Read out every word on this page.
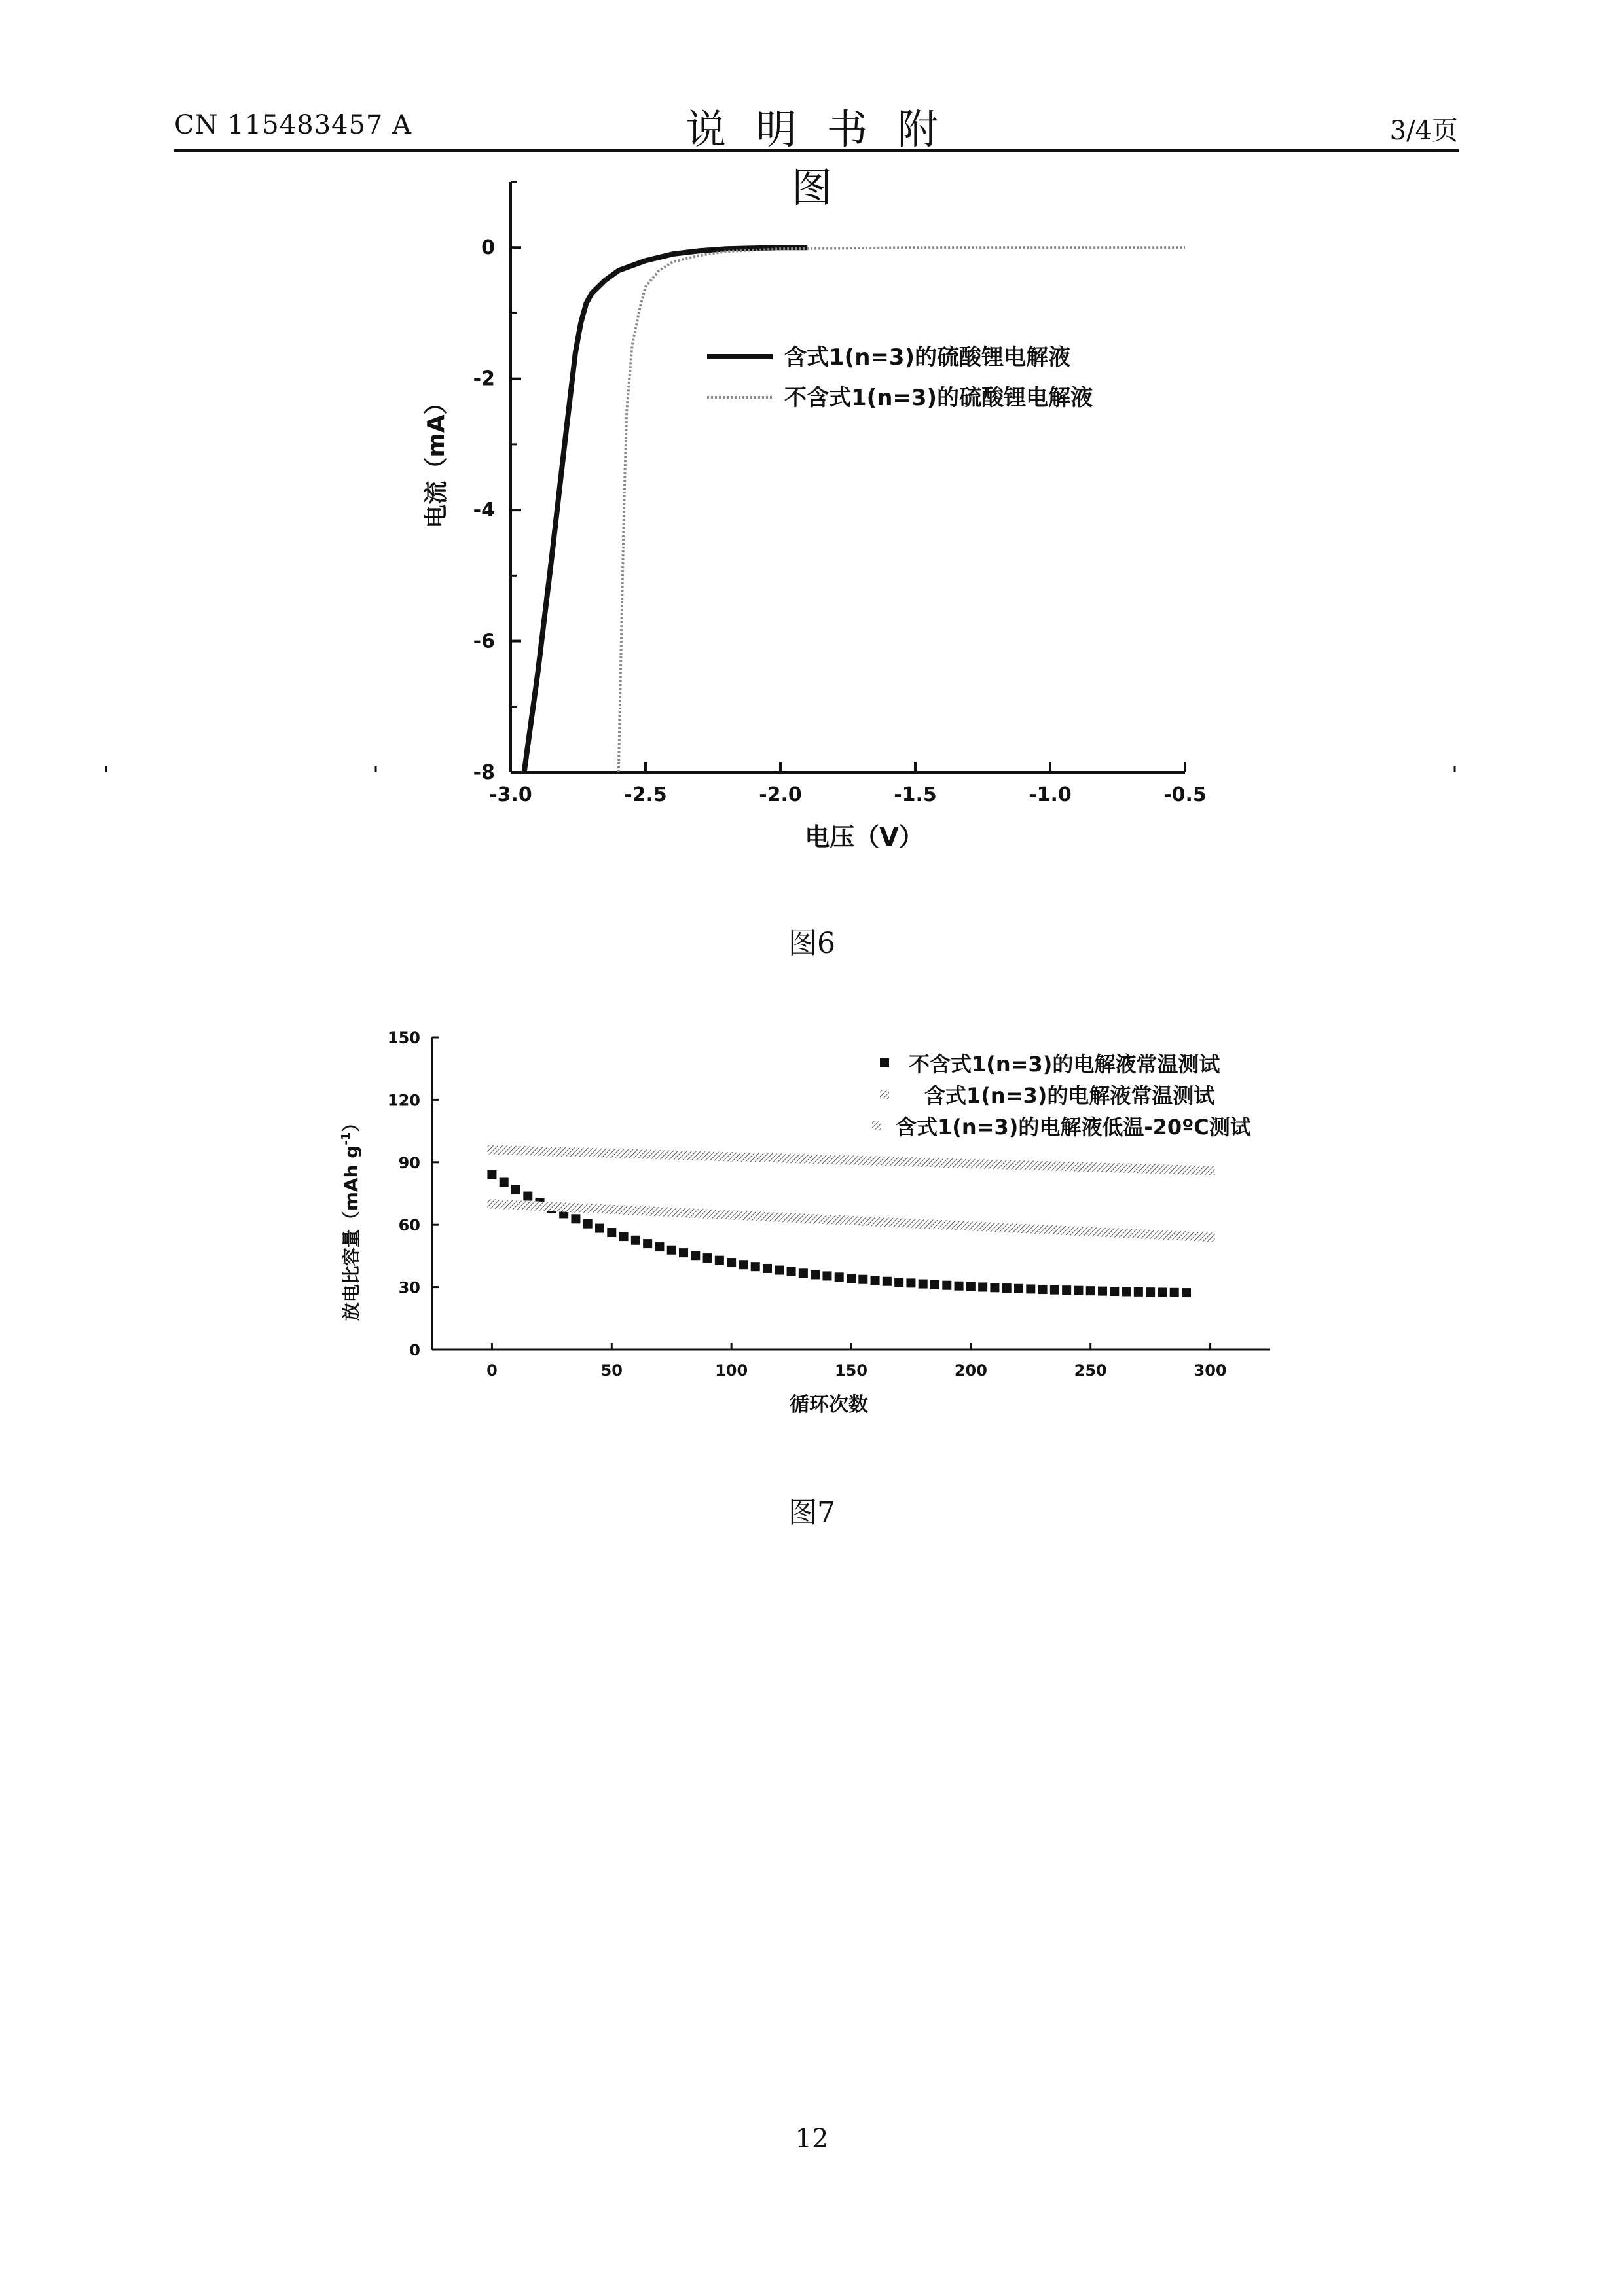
CN 115483457 A	说明书附图
3/4页
电流（mA）
电压（V）
-3.0	-2.5	-2.0	-1.5	-1.0	-0.5
0
-2
-4
-6
-8
含式1(n=3)的硫酸锂电解液
不含式1(n=3)的硫酸锂电解液
图6
放电比容量（mAh $g^{-1}$）
循环次数
0	50	100	150	200	250	300
0
30
60
90
120
150
不含式1(n=3)的电解液常温测试
含式1(n=3)的电解液常温测试
含式1(n=3)的电解液低温-20ºC测试
图7
12
